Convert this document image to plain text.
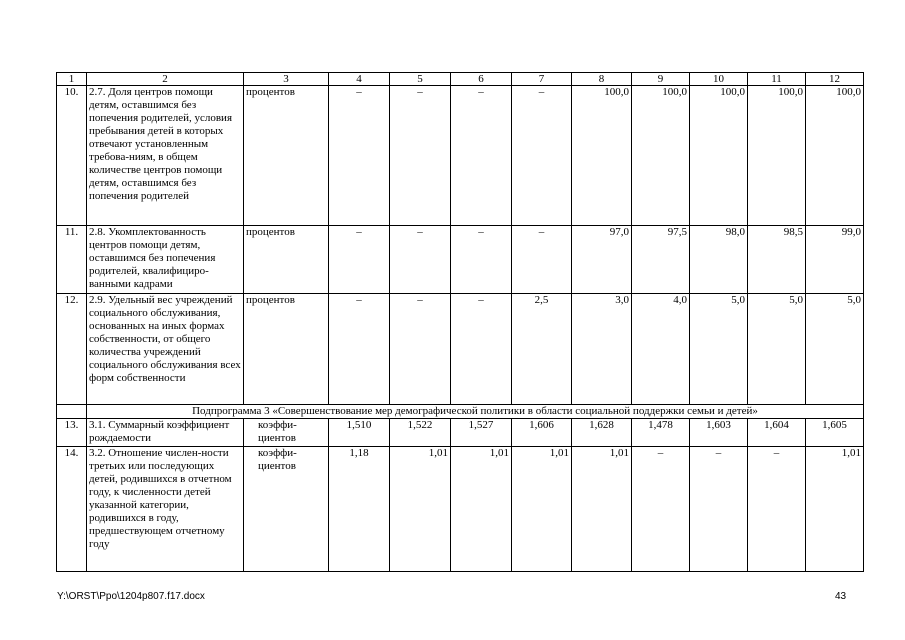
1	2	3	4	5	6	7	8	9	10	11	12
10.	2.7. Доля центров помощи детям, оставшимся без попечения родителей, условия пребывания детей в которых отвечают установленным требова-ниям, в общем количестве центров помощи детям, оставшимся без попечения родителей	процентов	–	–	–	–	100,0	100,0	100,0	100,0	100,0
11.	2.8. Укомплектованность центров помощи детям, оставшимся без попечения родителей, квалифициро-ванными кадрами	процентов	–	–	–	–	97,0	97,5	98,0	98,5	99,0
12.	2.9. Удельный вес учреждений социального обслуживания, основанных на иных формах собственности, от общего количества учреждений социального обслуживания всех форм собственности	процентов	–	–	–	2,5	3,0	4,0	5,0	5,0	5,0
	Подпрограмма 3 «Совершенствование мер демографической политики в области социальной поддержки семьи и детей»										
13.	3.1. Суммарный коэффициент рождаемости	коэффи-циентов	1,510	1,522	1,527	1,606	1,628	1,478	1,603	1,604	1,605
14.	3.2. Отношение числен-ности третьих или последующих детей, родившихся в отчетном году, к численности детей указанной категории, родившихся в году, предшествующем отчетному году	коэффи-циентов	1,18	1,01	1,01	1,01	1,01	–	–	–	1,01
Y:\ORST\Ppo\1204p807.f17.docx	43
